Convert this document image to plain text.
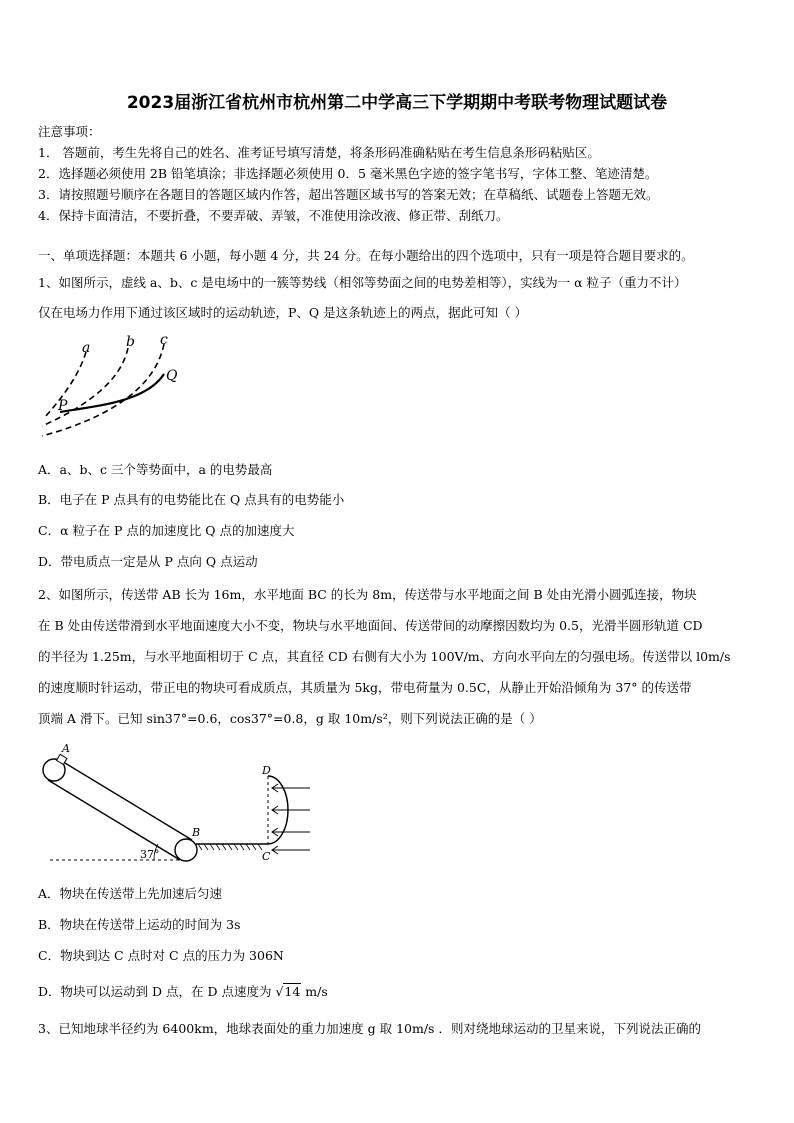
2023届浙江省杭州市杭州第二中学高三下学期期中考联考物理试题试卷
注意事项：
1． 答题前，考生先将自己的姓名、准考证号填写清楚，将条形码准确粘贴在考生信息条形码粘贴区。
2．选择题必须使用 2B 铅笔填涂；非选择题必须使用 0．5 毫米黑色字迹的签字笔书写，字体工整、笔迹清楚。
3．请按照题号顺序在各题目的答题区域内作答，超出答题区域书写的答案无效；在草稿纸、试题卷上答题无效。
4．保持卡面清洁，不要折叠，不要弄破、弄皱，不准使用涂改液、修正带、刮纸刀。
一、单项选择题：本题共 6 小题，每小题 4 分，共 24 分。在每小题给出的四个选项中，只有一项是符合题目要求的。
1、如图所示，虚线 a、b、c 是电场中的一簇等势线（相邻等势面之间的电势差相等），实线为一 α 粒子（重力不计）
仅在电场力作用下通过该区域时的运动轨迹，P、Q 是这条轨迹上的两点，据此可知（ ）
a	b c
Q
P
A．a、b、c 三个等势面中，a 的电势最高
B．电子在 P 点具有的电势能比在 Q 点具有的电势能小
C．α 粒子在 P 点的加速度比 Q 点的加速度大
D．带电质点一定是从 P 点向 Q 点运动
2、如图所示，传送带 AB 长为 16m，水平地面 BC 的长为 8m，传送带与水平地面之间 B 处由光滑小圆弧连接，物块
在 B 处由传送带滑到水平地面速度大小不变，物块与水平地面间、传送带间的动摩擦因数均为 0.5，光滑半圆形轨道 CD
的半径为 1.25m，与水平地面相切于 C 点，其直径 CD 右侧有大小为 100V/m、方向水平向左的匀强电场。传送带以 l0m/s
的速度顺时针运动，带正电的物块可看成质点，其质量为 5kg，带电荷量为 0.5C，从静止开始沿倾角为 37° 的传送带
顶端 A 滑下。已知 sin37°=0.6，cos37°=0.8，g 取 10m/s²，则下列说法正确的是（ ）
37°
A
B
C
D
A．物块在传送带上先加速后匀速
B．物块在传送带上运动的时间为 3s
C．物块到达 C 点时对 C 点的压力为 306N
D．物块可以运动到 D 点，在 D 点速度为 √14 m/s
3、已知地球半径约为 6400km，地球表面处的重力加速度 g 取 10m/s ．则对绕地球运动的卫星来说，下列说法正确的
